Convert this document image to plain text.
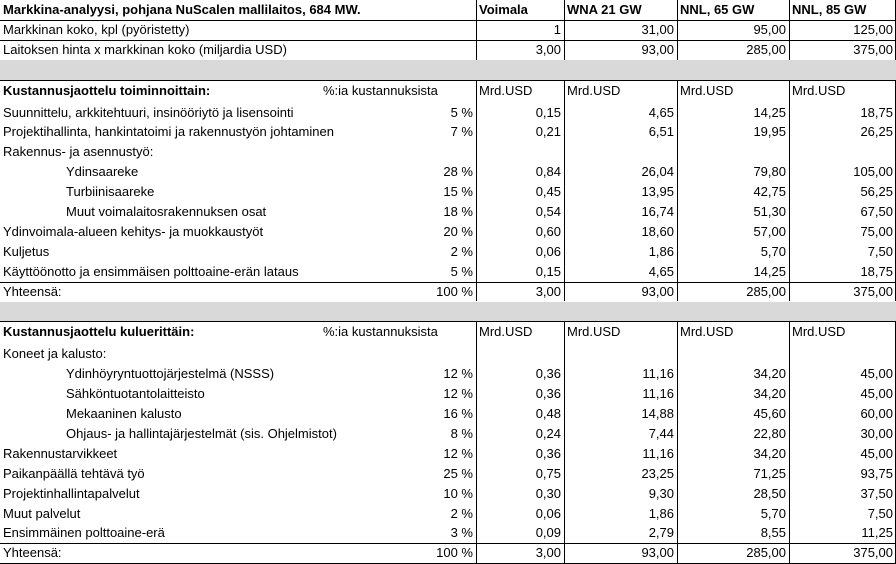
Markkina-analyysi, pohjana NuScalen mallilaitos, 684 MW.	Voimala	WNA 21 GW	NNL, 65 GW	NNL, 85 GW
Markkinan koko, kpl (pyöristetty)	1	31,00	95,00	125,00
Laitoksen hinta x markkinan koko (miljardia USD)	3,00	93,00	285,00	375,00
Kustannusjaottelu toiminnoittain:	%:ia kustannuksista	Mrd.USD	Mrd.USD	Mrd.USD	Mrd.USD
Suunnittelu, arkkitehtuuri, insinööriytö ja lisensointi	5 %	0,15	4,65	14,25	18,75
Projektihallinta, hankintatoimi ja rakennustyön johtaminen	7 %	0,21	6,51	19,95	26,25
Rakennus- ja asennustyö:
Ydinsaareke	28 %	0,84	26,04	79,80	105,00
Turbiinisaareke	15 %	0,45	13,95	42,75	56,25
Muut voimalaitosrakennuksen osat	18 %	0,54	16,74	51,30	67,50
Ydinvoimala-alueen kehitys- ja muokkaustyöt	20 %	0,60	18,60	57,00	75,00
Kuljetus	2 %	0,06	1,86	5,70	7,50
Käyttöönotto ja ensimmäisen polttoaine-erän lataus	5 %	0,15	4,65	14,25	18,75
Yhteensä:	100 %	3,00	93,00	285,00	375,00
Kustannusjaottelu kuluerittäin:	%:ia kustannuksista	Mrd.USD	Mrd.USD	Mrd.USD	Mrd.USD
Koneet ja kalusto:
Ydinhöyryntuottojärjestelmä (NSSS)	12 %	0,36	11,16	34,20	45,00
Sähköntuotantolaitteisto	12 %	0,36	11,16	34,20	45,00
Mekaaninen kalusto	16 %	0,48	14,88	45,60	60,00
Ohjaus- ja hallintajärjestelmät (sis. Ohjelmistot)	8 %	0,24	7,44	22,80	30,00
Rakennustarvikkeet	12 %	0,36	11,16	34,20	45,00
Paikanpäällä tehtävä työ	25 %	0,75	23,25	71,25	93,75
Projektinhallintapalvelut	10 %	0,30	9,30	28,50	37,50
Muut palvelut	2 %	0,06	1,86	5,70	7,50
Ensimmäinen polttoaine-erä	3 %	0,09	2,79	8,55	11,25
Yhteensä:	100 %	3,00	93,00	285,00	375,00
